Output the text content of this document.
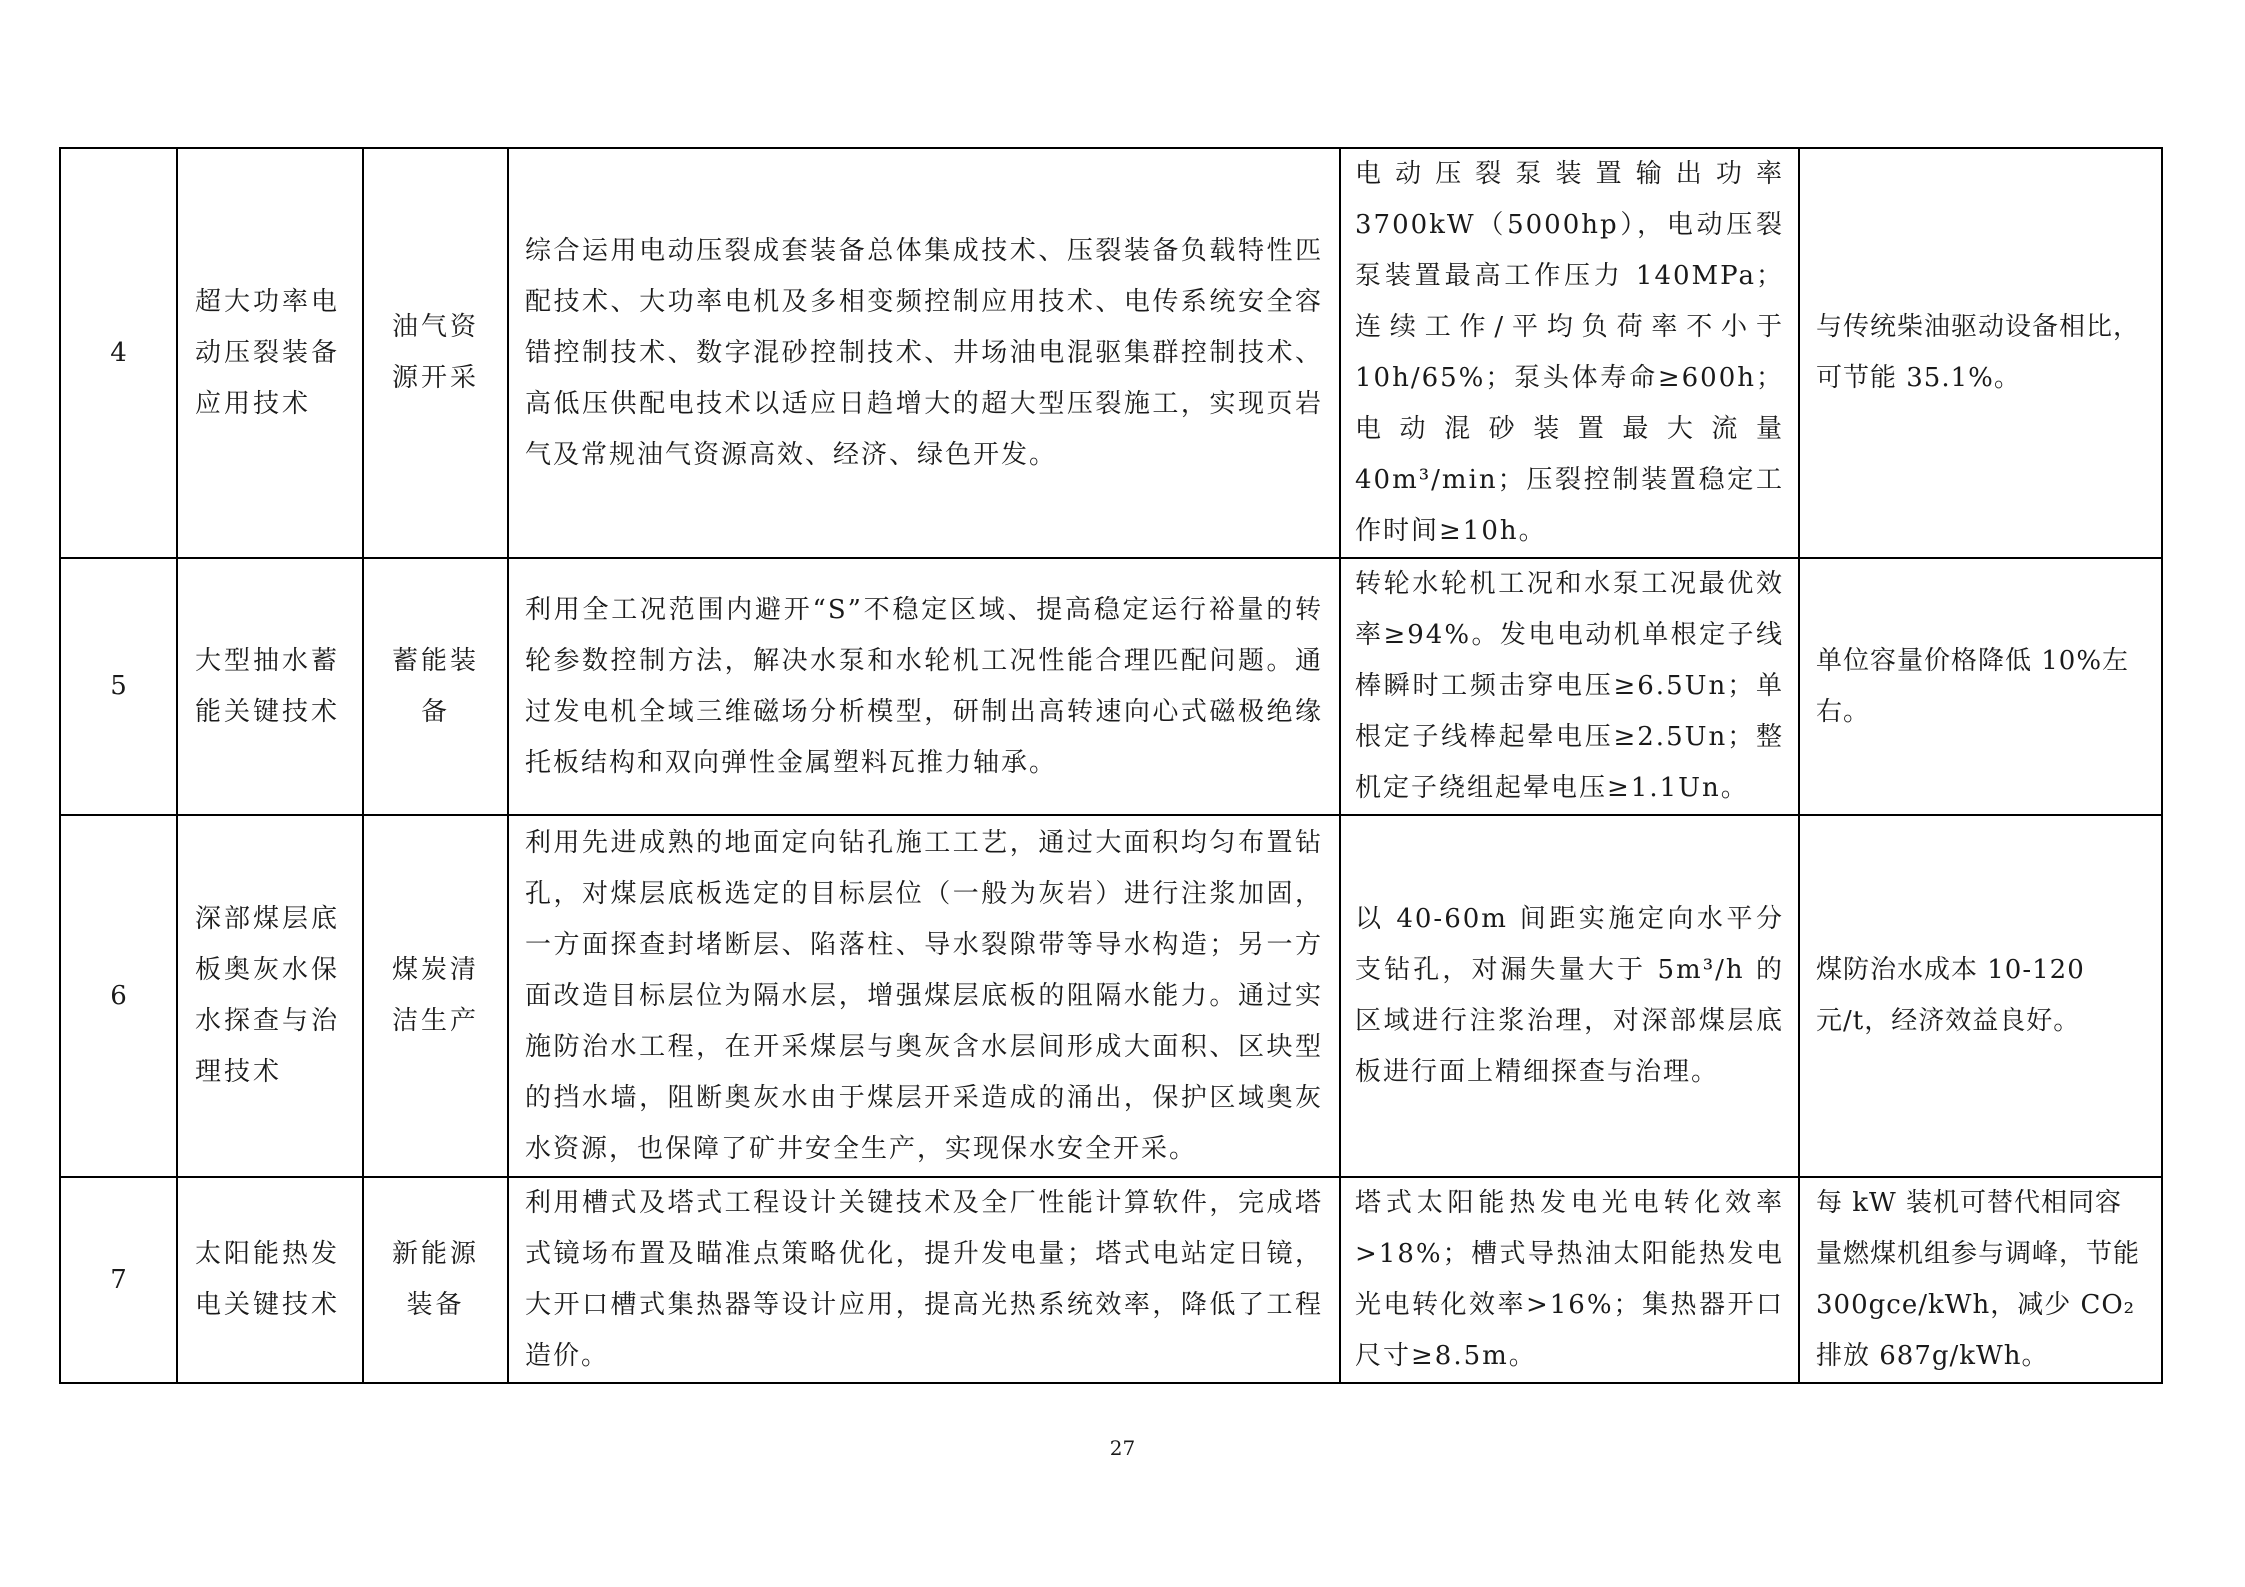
4	超大功率电动压裂装备应用技术	油气资源开采	综合运用电动压裂成套装备总体集成技术、压裂装备负载特性匹配技术、大功率电机及多相变频控制应用技术、电传系统安全容错控制技术、数字混砂控制技术、井场油电混驱集群控制技术、高低压供配电技术以适应日趋增大的超大型压裂施工，实现页岩气及常规油气资源高效、经济、绿色开发。	电动压裂泵装置输出功率 3700kW（5000hp），电动压裂泵装置最高工作压力 140MPa；连续工作/平均负荷率不小于 10h/65%；泵头体寿命≥600h；电动混砂装置最大流量 40m³/min；压裂控制装置稳定工作时间≥10h。	与传统柴油驱动设备相比，可节能 35.1%。

5	大型抽水蓄能关键技术	蓄能装备	利用全工况范围内避开“S”不稳定区域、提高稳定运行裕量的转轮参数控制方法，解决水泵和水轮机工况性能合理匹配问题。通过发电机全域三维磁场分析模型，研制出高转速向心式磁极绝缘托板结构和双向弹性金属塑料瓦推力轴承。	转轮水轮机工况和水泵工况最优效率≥94%。发电电动机单根定子线棒瞬时工频击穿电压≥6.5Un；单根定子线棒起晕电压≥2.5Un；整机定子绕组起晕电压≥1.1Un。	单位容量价格降低 10%左右。

6	深部煤层底板奥灰水保水探查与治理技术	煤炭清洁生产	利用先进成熟的地面定向钻孔施工工艺，通过大面积均匀布置钻孔，对煤层底板选定的目标层位（一般为灰岩）进行注浆加固，一方面探查封堵断层、陷落柱、导水裂隙带等导水构造；另一方面改造目标层位为隔水层，增强煤层底板的阻隔水能力。通过实施防治水工程，在开采煤层与奥灰含水层间形成大面积、区块型的挡水墙，阻断奥灰水由于煤层开采造成的涌出，保护区域奥灰水资源，也保障了矿井安全生产，实现保水安全开采。	以 40-60m 间距实施定向水平分支钻孔，对漏失量大于 5m³/h 的区域进行注浆治理，对深部煤层底板进行面上精细探查与治理。	煤防治水成本 10-120 元/t，经济效益良好。

7	太阳能热发电关键技术	新能源装备	利用槽式及塔式工程设计关键技术及全厂性能计算软件，完成塔式镜场布置及瞄准点策略优化，提升发电量；塔式电站定日镜，大开口槽式集热器等设计应用，提高光热系统效率，降低了工程造价。	塔式太阳能热发电光电转化效率>18%；槽式导热油太阳能热发电光电转化效率>16%；集热器开口尺寸≥8.5m。	每 kW 装机可替代相同容量燃煤机组参与调峰，节能 300gce/kWh，减少 CO₂ 排放 687g/kWh。
27
